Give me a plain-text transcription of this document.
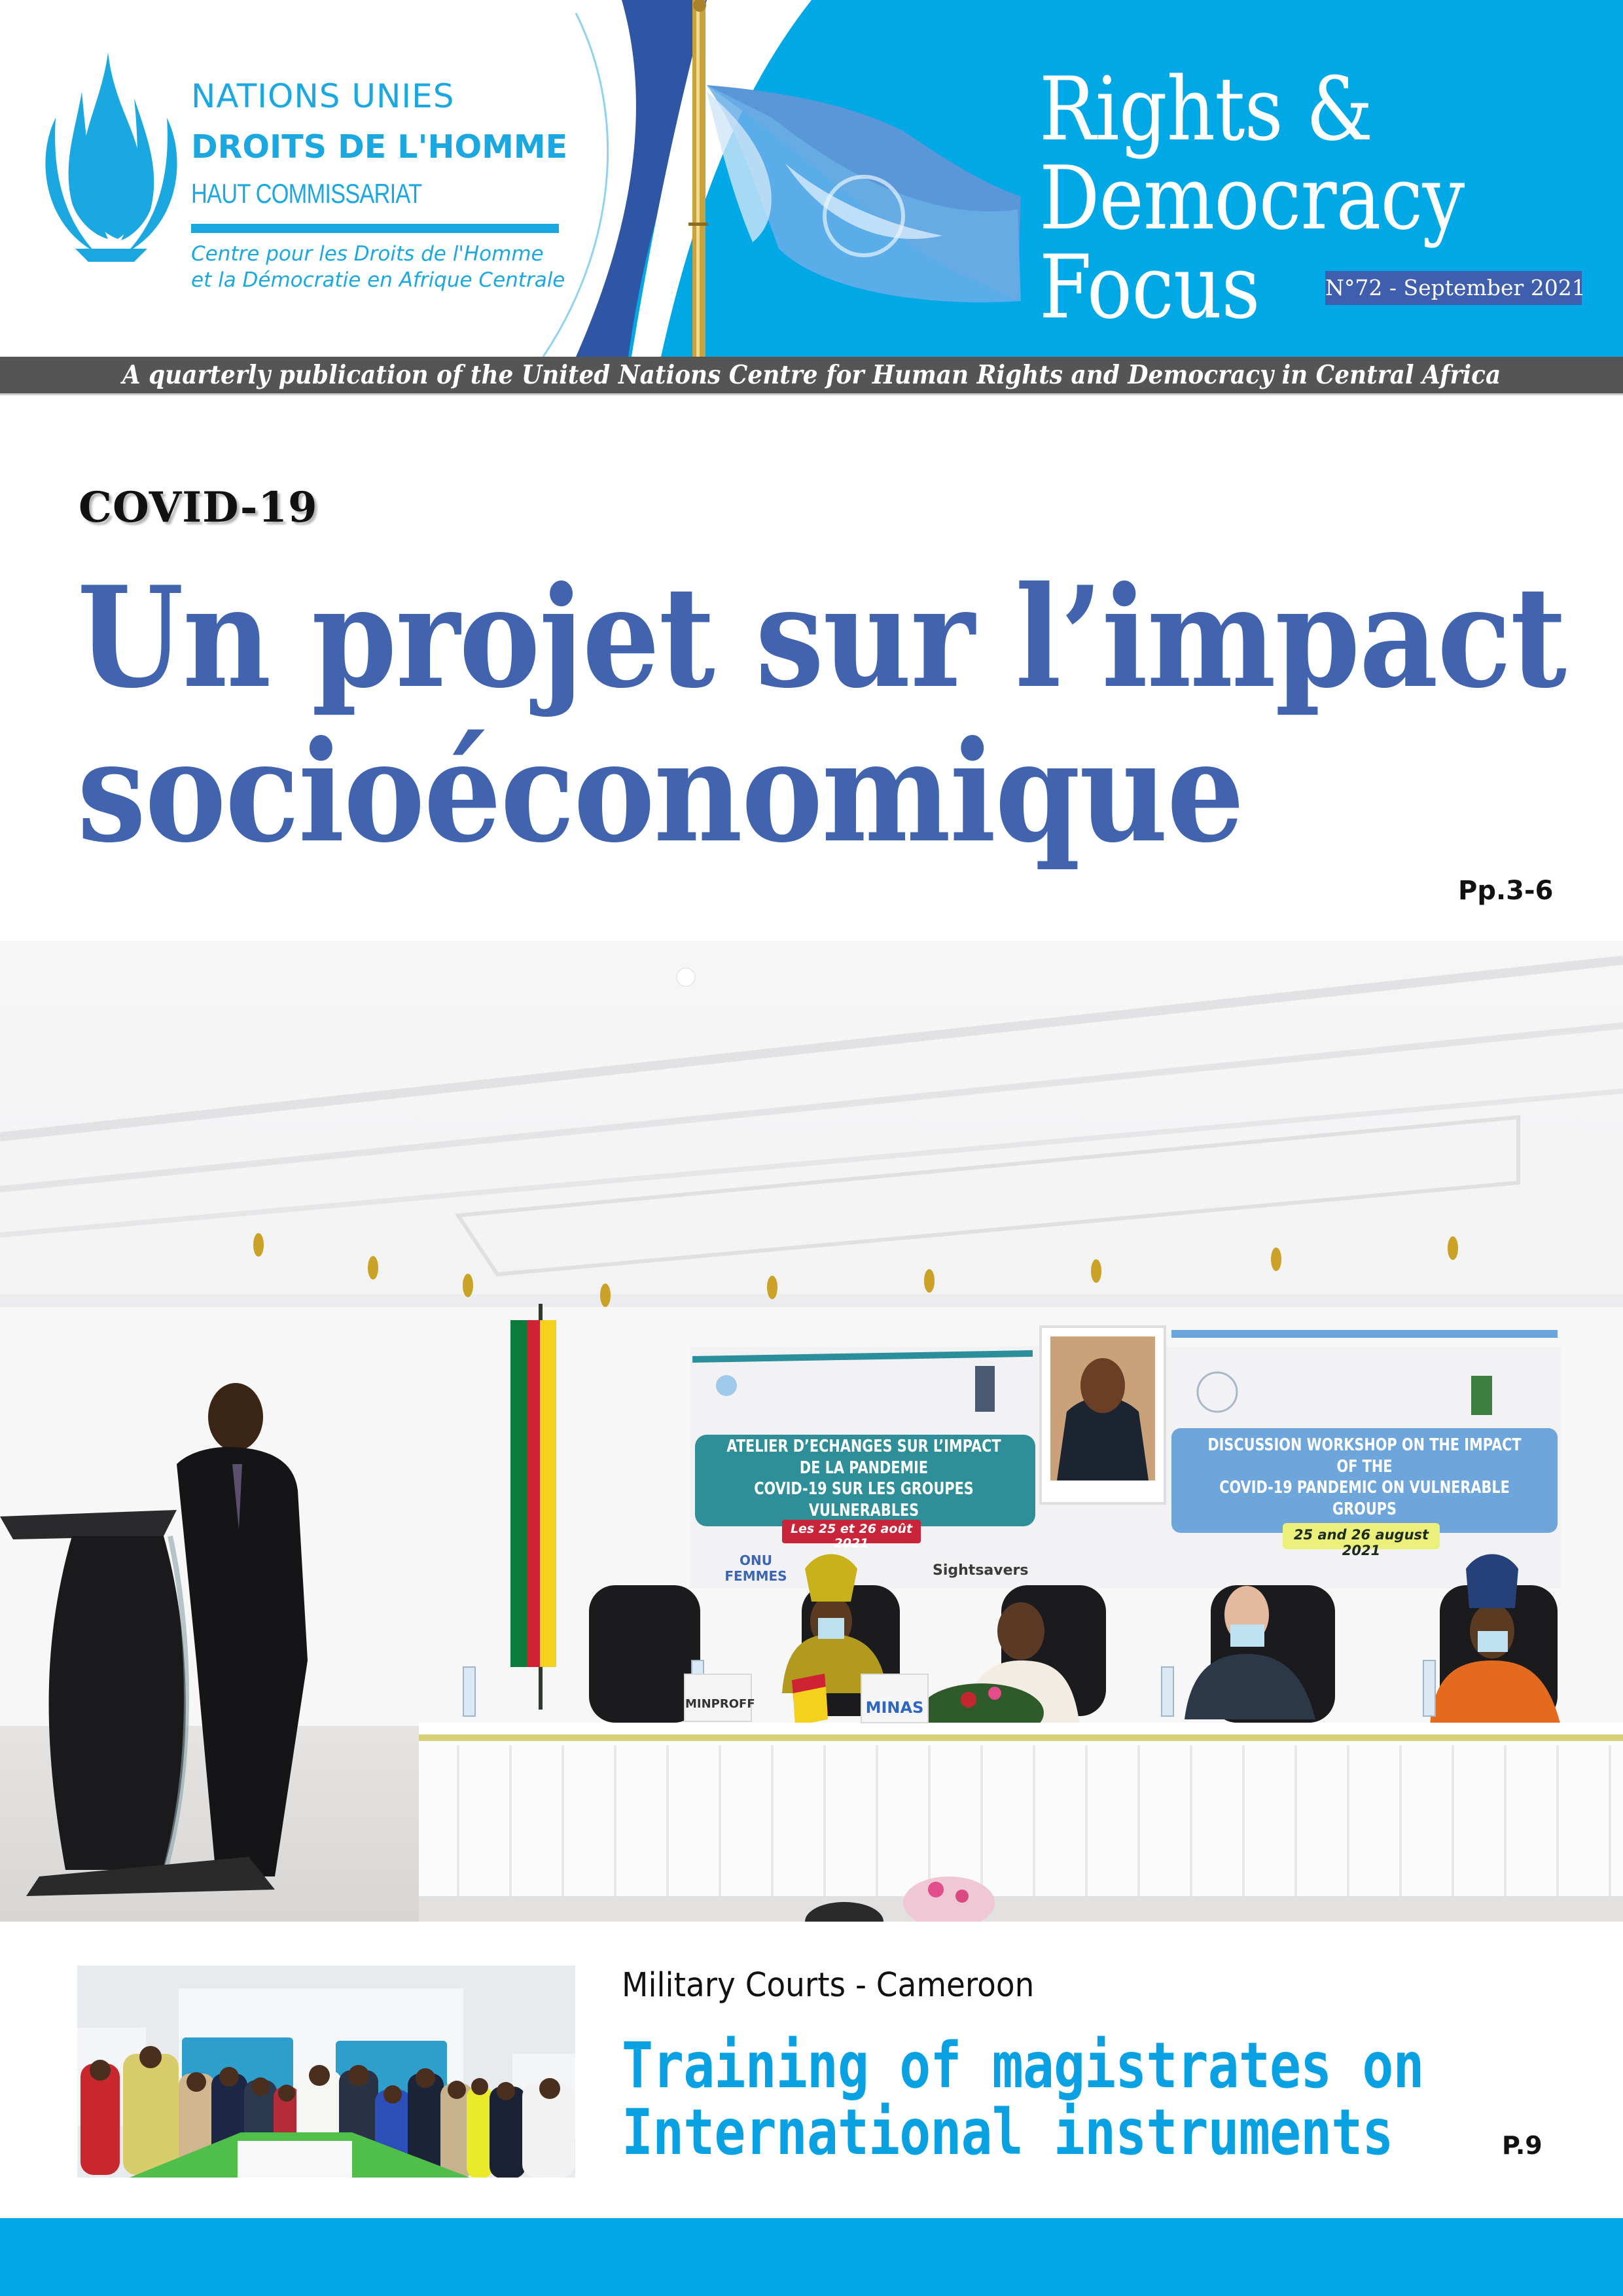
NATIONS UNIES
DROITS DE L'HOMME
HAUT COMMISSARIAT
Centre pour les Droits de l'Homme
et la Démocratie en Afrique Centrale
Rights &
Democracy
Focus	N°72 - September 2021
A quarterly publication of the United Nations Centre for Human Rights and Democracy in Central Africa
COVID-19
Un projet sur l’impact
socioéconomique
Pp.3-6
ATELIER D’ECHANGES SUR L’IMPACT DE LA PANDEMIE
COVID-19 SUR LES GROUPES VULNERABLES
Les 25 et 26 août 2021
DISCUSSION WORKSHOP ON THE IMPACT OF THE
COVID-19 PANDEMIC ON VULNERABLE GROUPS
25 and 26 august 2021
ONU FEMMES	Sightsavers
MINPROFF	MINAS
Military Courts - Cameroon
Training of magistrates on
International instruments	P.9
